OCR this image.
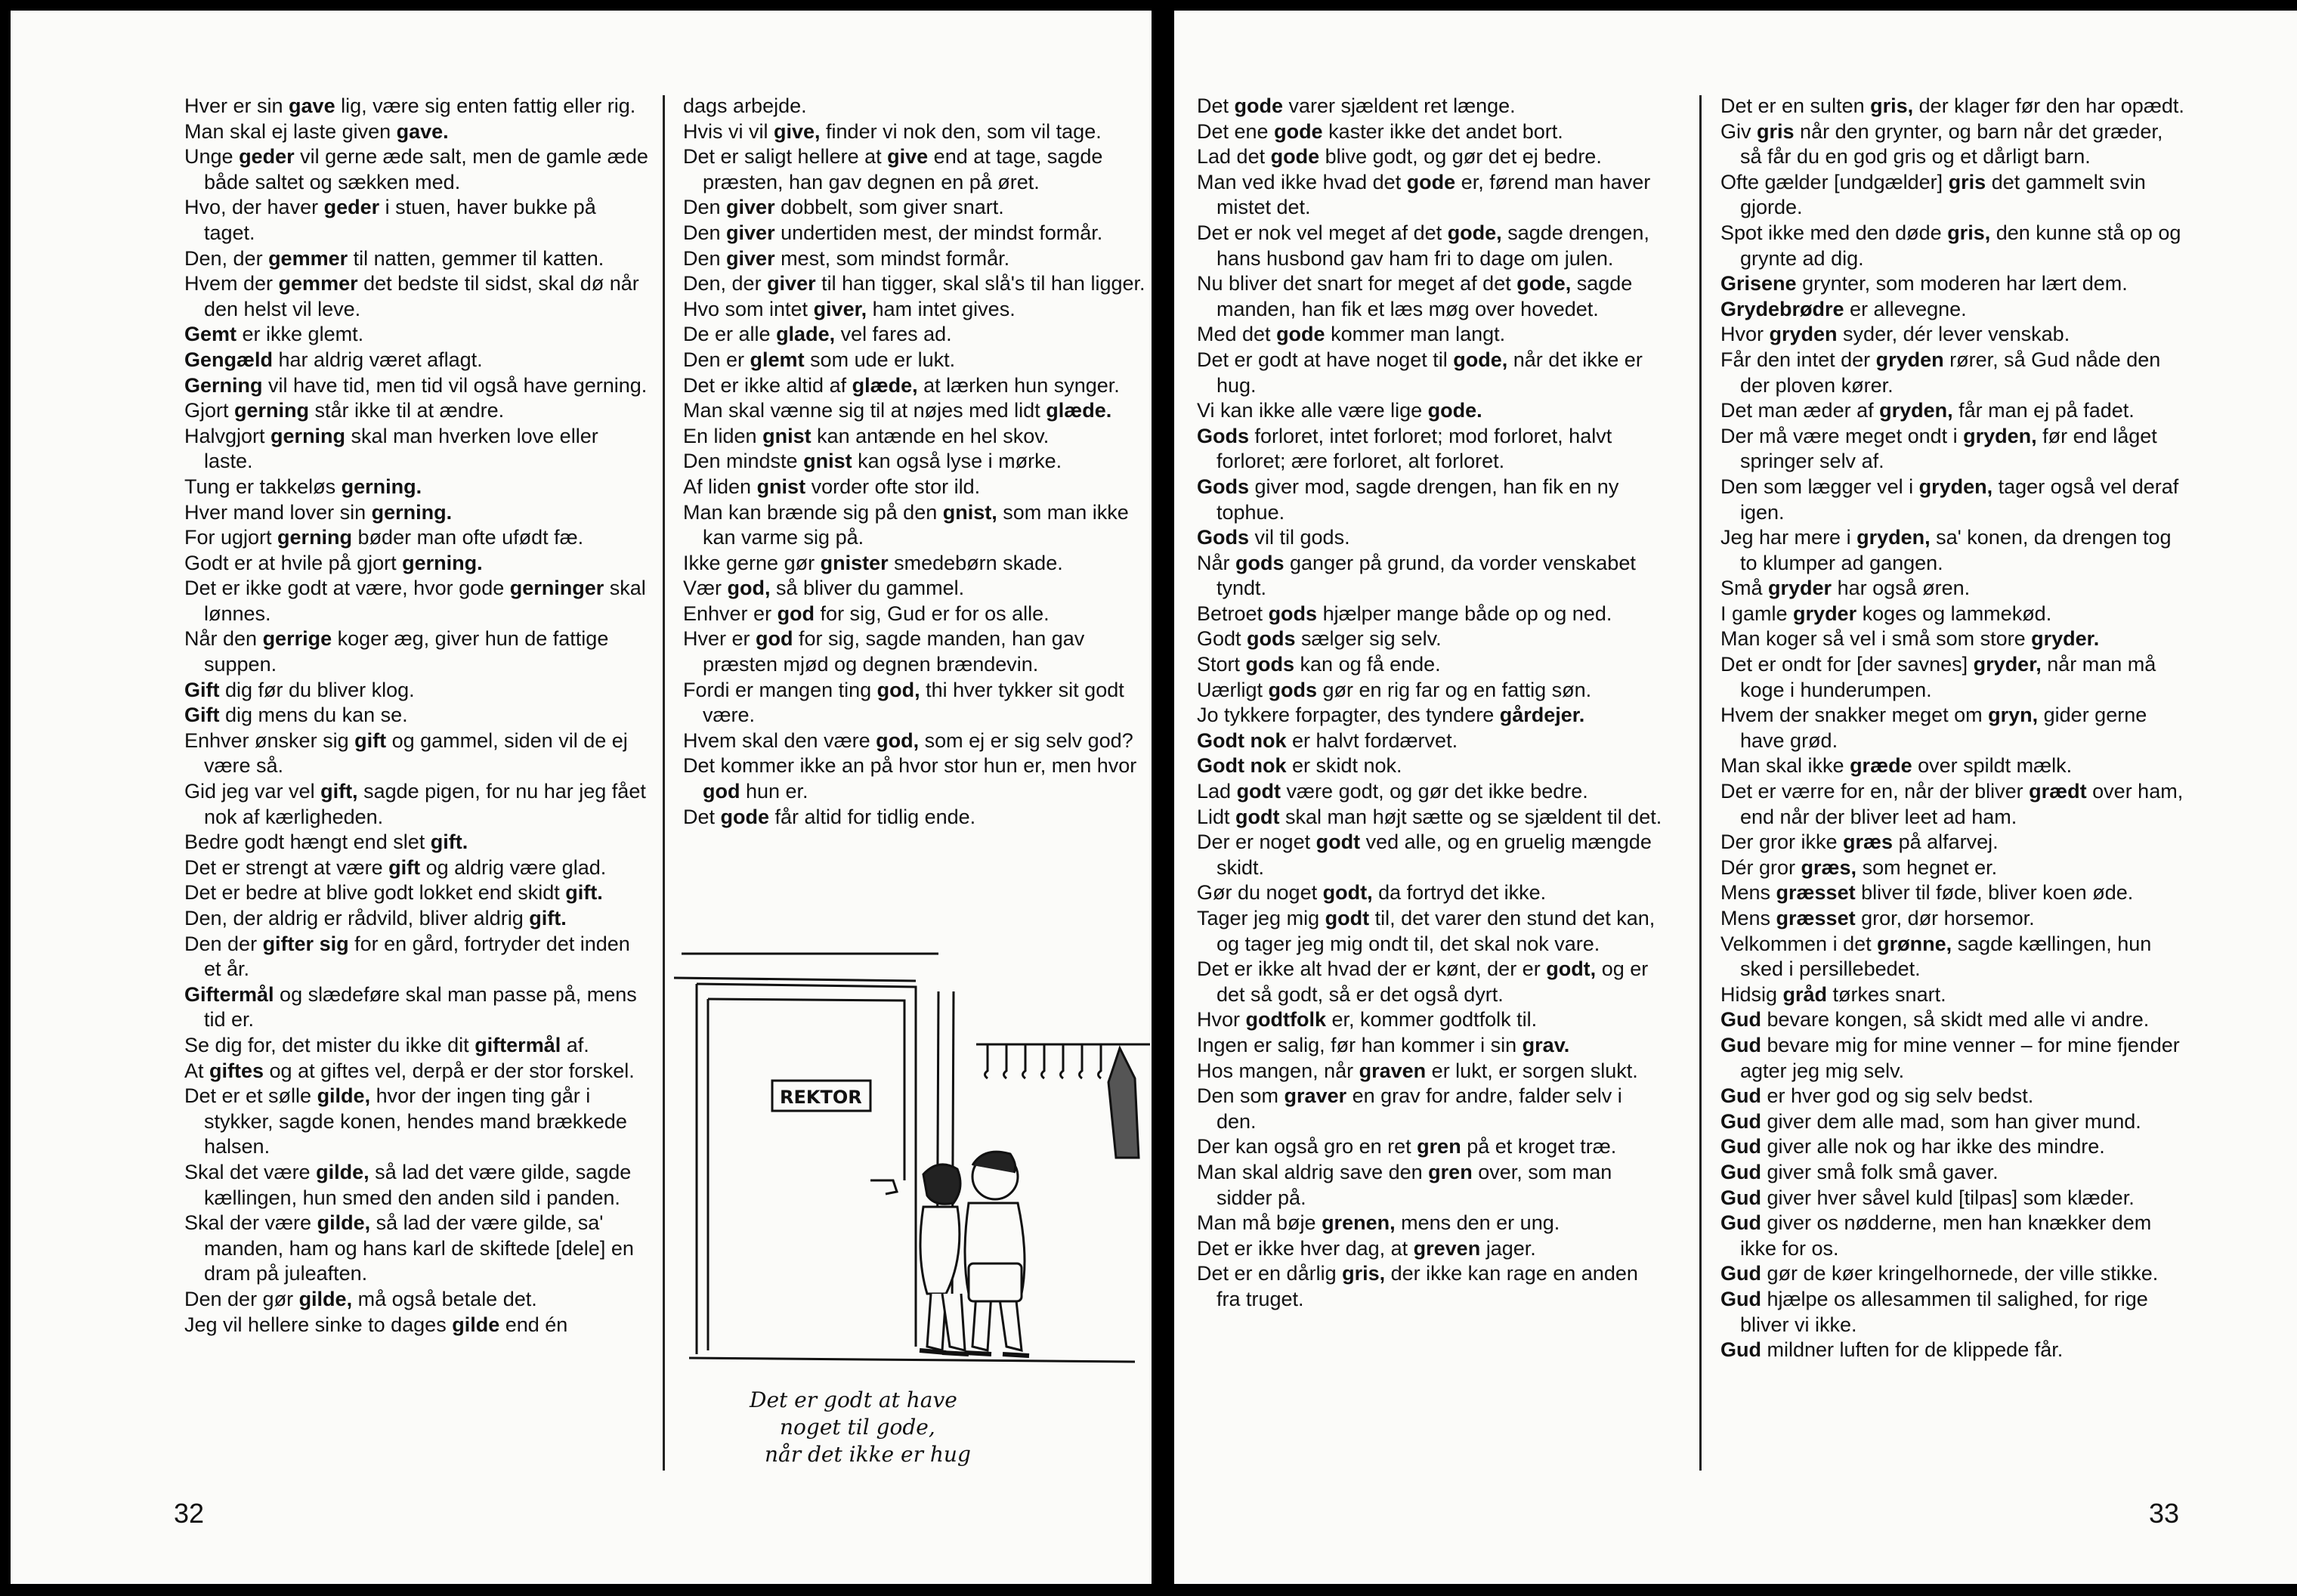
Hver er sin gave lig, være sig enten fattig eller rig.

Man skal ej laste given gave.

Unge geder vil gerne æde salt, men de gamle æde både saltet og sækken med.

Hvo, der haver geder i stuen, haver bukke på taget.

Den, der gemmer til natten, gemmer til katten.

Hvem der gemmer det bedste til sidst, skal dø når den helst vil leve.

Gemt er ikke glemt.

Gengæld har aldrig været aflagt.

Gerning vil have tid, men tid vil også have gerning.

Gjort gerning står ikke til at ændre.

Halvgjort gerning skal man hverken love eller laste.

Tung er takkeløs gerning.

Hver mand lover sin gerning.

For ugjort gerning bøder man ofte ufødt fæ.

Godt er at hvile på gjort gerning.

Det er ikke godt at være, hvor gode gerninger skal lønnes.

Når den gerrige koger æg, giver hun de fattige suppen.

Gift dig før du bliver klog.

Gift dig mens du kan se.

Enhver ønsker sig gift og gammel, siden vil de ej være så.

Gid jeg var vel gift, sagde pigen, for nu har jeg fået nok af kærligheden.

Bedre godt hængt end slet gift.

Det er strengt at være gift og aldrig være glad.

Det er bedre at blive godt lokket end skidt gift.

Den, der aldrig er rådvild, bliver aldrig gift.

Den der gifter sig for en gård, fortryder det inden et år.

Giftermål og slædeføre skal man passe på, mens tid er.

Se dig for, det mister du ikke dit giftermål af.

At giftes og at giftes vel, derpå er der stor forskel.

Det er et sølle gilde, hvor der ingen ting går i stykker, sagde konen, hendes mand brækkede halsen.

Skal det være gilde, så lad det være gilde, sagde kællingen, hun smed den anden sild i panden.

Skal der være gilde, så lad der være gilde, sa' manden, ham og hans karl de skiftede [dele] en dram på juleaften.

Den der gør gilde, må også betale det.

Jeg vil hellere sinke to dages gilde end én

dags arbejde.

Hvis vi vil give, finder vi nok den, som vil tage.

Det er saligt hellere at give end at tage, sagde præsten, han gav degnen en på øret.

Den giver dobbelt, som giver snart.

Den giver undertiden mest, der mindst formår.

Den giver mest, som mindst formår.

Den, der giver til han tigger, skal slå's til han ligger.

Hvo som intet giver, ham intet gives.

De er alle glade, vel fares ad.

Den er glemt som ude er lukt.

Det er ikke altid af glæde, at lærken hun synger.

Man skal vænne sig til at nøjes med lidt glæde.

En liden gnist kan antænde en hel skov.

Den mindste gnist kan også lyse i mørke.

Af liden gnist vorder ofte stor ild.

Man kan brænde sig på den gnist, som man ikke kan varme sig på.

Ikke gerne gør gnister smedebørn skade.

Vær god, så bliver du gammel.

Enhver er god for sig, Gud er for os alle.

Hver er god for sig, sagde manden, han gav præsten mjød og degnen brændevin.

Fordi er mangen ting god, thi hver tykker sit godt være.

Hvem skal den være god, som ej er sig selv god?

Det kommer ikke an på hvor stor hun er, men hvor god hun er.

Det gode får altid for tidlig ende.

REKTOR
Det er godt at have
noget til gode,
når det ikke er hug
32

Det gode varer sjældent ret længe.

Det ene gode kaster ikke det andet bort.

Lad det gode blive godt, og gør det ej bedre.

Man ved ikke hvad det gode er, førend man haver mistet det.

Det er nok vel meget af det gode, sagde drengen, hans husbond gav ham fri to dage om julen.

Nu bliver det snart for meget af det gode, sagde manden, han fik et læs møg over hovedet.

Med det gode kommer man langt.

Det er godt at have noget til gode, når det ikke er hug.

Vi kan ikke alle være lige gode.

Gods forloret, intet forloret; mod forloret, halvt forloret; ære forloret, alt forloret.

Gods giver mod, sagde drengen, han fik en ny tophue.

Gods vil til gods.

Når gods ganger på grund, da vorder venskabet tyndt.

Betroet gods hjælper mange både op og ned.

Godt gods sælger sig selv.

Stort gods kan og få ende.

Uærligt gods gør en rig far og en fattig søn.

Jo tykkere forpagter, des tyndere gårdejer.

Godt nok er halvt fordærvet.

Godt nok er skidt nok.

Lad godt være godt, og gør det ikke bedre.

Lidt godt skal man højt sætte og se sjældent til det.

Der er noget godt ved alle, og en gruelig mængde skidt.

Gør du noget godt, da fortryd det ikke.

Tager jeg mig godt til, det varer den stund det kan, og tager jeg mig ondt til, det skal nok vare.

Det er ikke alt hvad der er kønt, der er godt, og er det så godt, så er det også dyrt.

Hvor godtfolk er, kommer godtfolk til.

Ingen er salig, før han kommer i sin grav.

Hos mangen, når graven er lukt, er sorgen slukt.

Den som graver en grav for andre, falder selv i den.

Der kan også gro en ret gren på et kroget træ.

Man skal aldrig save den gren over, som man sidder på.

Man må bøje grenen, mens den er ung.

Det er ikke hver dag, at greven jager.

Det er en dårlig gris, der ikke kan rage en anden fra truget.

Det er en sulten gris, der klager før den har opædt.

Giv gris når den grynter, og barn når det græder, så får du en god gris og et dårligt barn.

Ofte gælder [undgælder] gris det gammelt svin gjorde.

Spot ikke med den døde gris, den kunne stå op og grynte ad dig.

Grisene grynter, som moderen har lært dem.

Grydebrødre er allevegne.

Hvor gryden syder, dér lever venskab.

Får den intet der gryden rører, så Gud nåde den der ploven kører.

Det man æder af gryden, får man ej på fadet.

Der må være meget ondt i gryden, før end låget springer selv af.

Den som lægger vel i gryden, tager også vel deraf igen.

Jeg har mere i gryden, sa' konen, da drengen tog to klumper ad gangen.

Små gryder har også øren.

I gamle gryder koges og lammekød.

Man koger så vel i små som store gryder.

Det er ondt for [der savnes] gryder, når man må koge i hunderumpen.

Hvem der snakker meget om gryn, gider gerne have grød.

Man skal ikke græde over spildt mælk.

Det er værre for en, når der bliver grædt over ham, end når der bliver leet ad ham.

Der gror ikke græs på alfarvej.

Dér gror græs, som hegnet er.

Mens græsset bliver til føde, bliver koen øde.

Mens græsset gror, dør horsemor.

Velkommen i det grønne, sagde kællingen, hun sked i persillebedet.

Hidsig gråd tørkes snart.

Gud bevare kongen, så skidt med alle vi andre.

Gud bevare mig for mine venner – for mine fjender agter jeg mig selv.

Gud er hver god og sig selv bedst.

Gud giver dem alle mad, som han giver mund.

Gud giver alle nok og har ikke des mindre.

Gud giver små folk små gaver.

Gud giver hver såvel kuld [tilpas] som klæder.

Gud giver os nødderne, men han knækker dem ikke for os.

Gud gør de køer kringelhornede, der ville stikke.

Gud hjælpe os allesammen til salighed, for rige bliver vi ikke.

Gud mildner luften for de klippede får.

33
